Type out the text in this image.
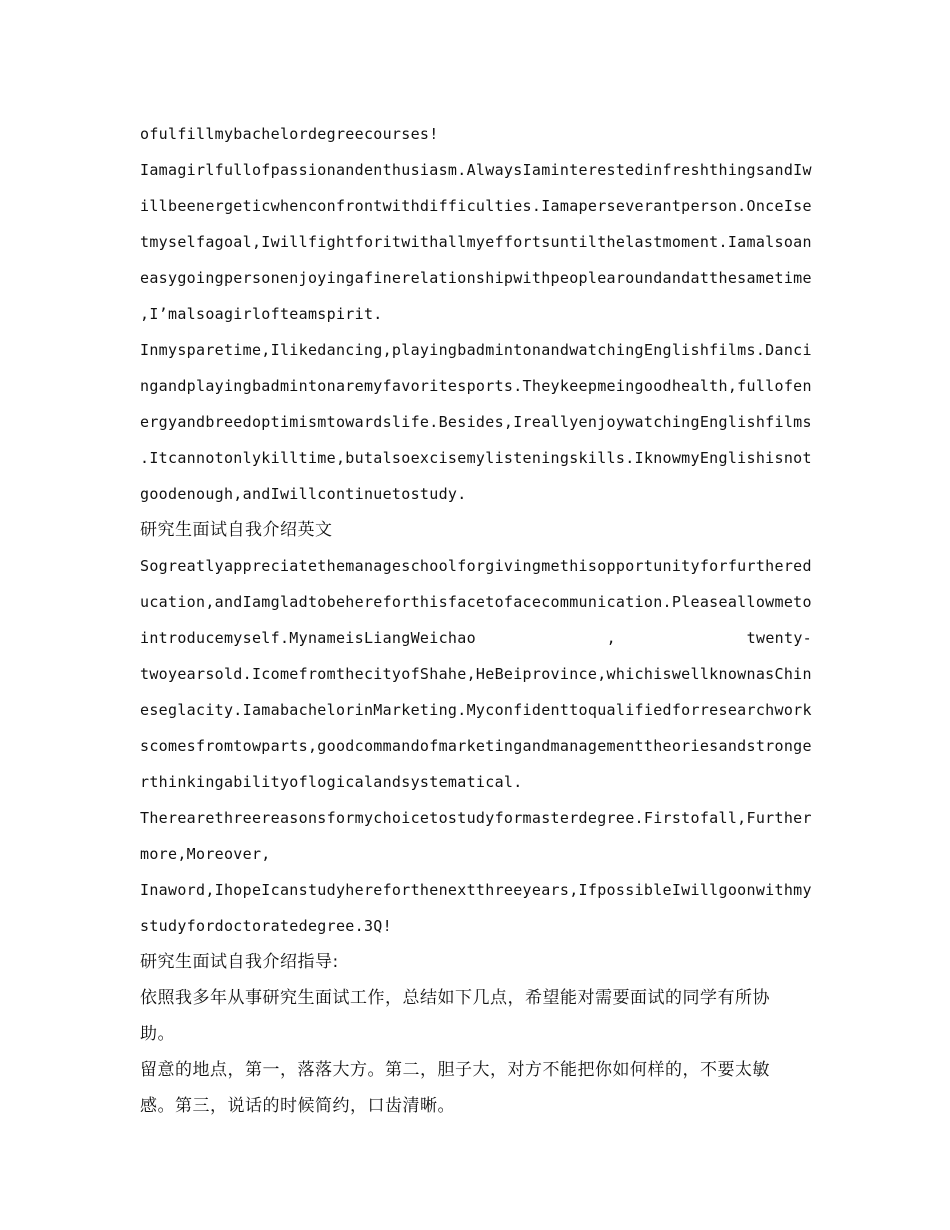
ofulfillmybachelordegreecourses!
Iamagirlfullofpassionandenthusiasm.AlwaysIaminterestedinfreshthingsandIw
illbeenergeticwhenconfrontwithdifficulties.Iamaperseverantperson.OnceIse
tmyselfagoal,Iwillfightforitwithallmyeffortsuntilthelastmoment.Iamalsoan
easygoingpersonenjoyingafinerelationshipwithpeoplearoundandatthesametime
,I’malsoagirlofteamspirit.
Inmysparetime,Ilikedancing,playingbadmintonandwatchingEnglishfilms.Danci
ngandplayingbadmintonaremyfavoritesports.Theykeepmeingoodhealth,fullofen
ergyandbreedoptimismtowardslife.Besides,IreallyenjoywatchingEnglishfilms
.Itcannotonlykilltime,butalsoexcisemylisteningskills.IknowmyEnglishisnot
goodenough,andIwillcontinuetostudy.
研究生面试自我介绍英文
Sogreatlyappreciatethemanageschoolforgivingmethisopportunityforfurthered
ucation,andIamgladtobehereforthisfacetofacecommunication.Pleaseallowmeto
introducemyself.MynameisLiangWeichao	,	twenty-
twoyearsold.IcomefromthecityofShahe,HeBeiprovince,whichiswellknownasChin
eseglacity.IamabachelorinMarketing.Myconfidenttoqualifiedforresearchwork
scomesfromtowparts,goodcommandofmarketingandmanagementtheoriesandstronge
rthinkingabilityoflogicalandsystematical.
Therearethreereasonsformychoicetostudyformasterdegree.Firstofall,Further
more,Moreover,
Inaword,IhopeIcanstudyhereforthenextthreeyears,IfpossibleIwillgoonwithmy
studyfordoctoratedegree.3Q!
研究生面试自我介绍指导:
依照我多年从事研究生面试工作，总结如下几点，希望能对需要面试的同学有所协
助。
留意的地点，第一，落落大方。第二，胆子大，对方不能把你如何样的，不要太敏
感。第三，说话的时候简约，口齿清晰。
